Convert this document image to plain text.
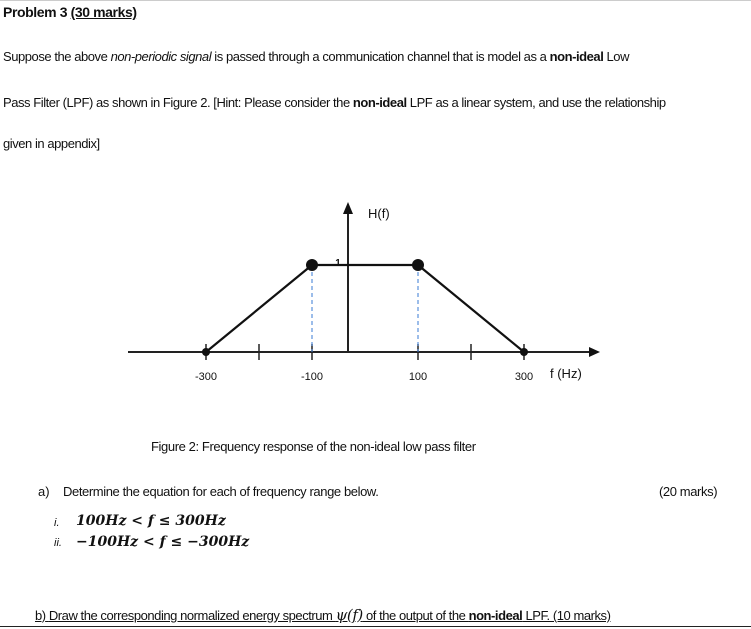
Problem 3 (30 marks)
Suppose the above non-periodic signal is passed through a communication channel that is model as a non-ideal Low
Pass Filter (LPF) as shown in Figure 2. [Hint: Please consider the non-ideal LPF as a linear system, and use the relationship
given in appendix]
-300	-100	100	300
1
H(f)
f (Hz)
Figure 2: Frequency response of the non-ideal low pass filter
a) Determine the equation for each of frequency range below.	(20 marks)
i. 100Hz < f ≤ 300Hz
ii. −100Hz < f ≤ −300Hz
b) Draw the corresponding normalized energy spectrum ψ(f) of the output of the non-ideal LPF. (10 marks)
